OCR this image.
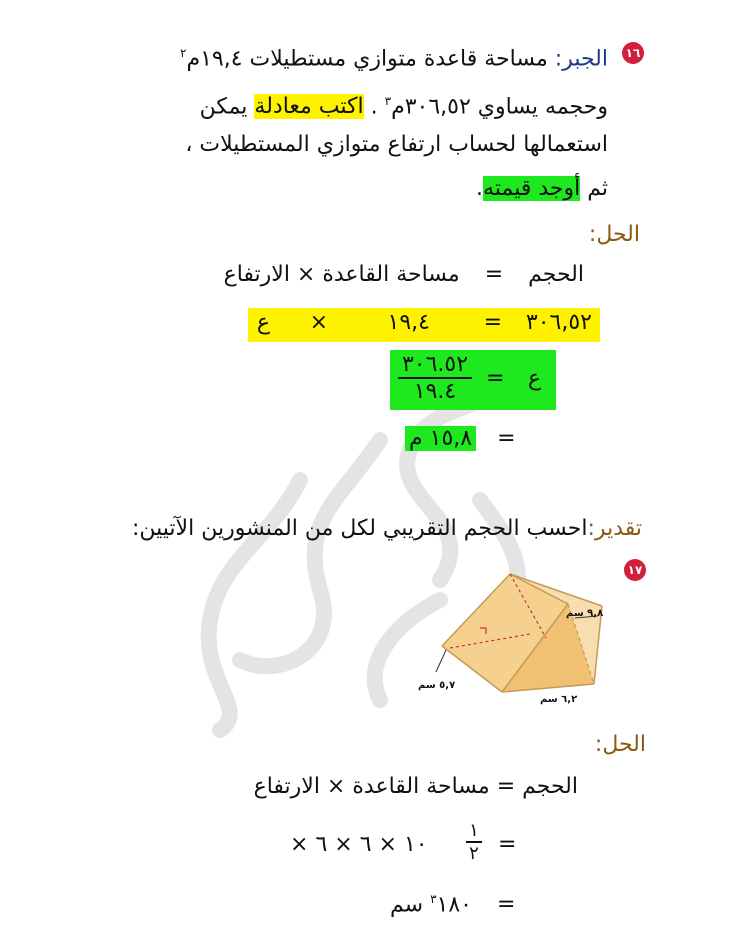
١٦
الجبر: مساحة قاعدة متوازي مستطيلات ١٩,٤م$^٢$
وحجمه يساوي ٣٠٦,٥٢م$^٣$ . اكتب معادلة يمكن
استعمالها لحساب ارتفاع متوازي المستطيلات ،
ثم أوجد قيمته.
الحل:
الحجم = مساحة القاعدة × الارتفاع
٣٠٦,٥٢
=
١٩,٤
×
ع
ع
=
٣٠٦.٥٢
١٩.٤
١٥,٨ م =
تقدير:احسب الحجم التقريبي لكل من المنشورين الآتيين:
١٧
٩,٨ سم
٥,٧ سم
٦,٢ سم
الحل:
الحجم = مساحة القاعدة × الارتفاع
× ١٠ × ٦ × ٦
١
٢ =
$^٣$١٨٠ سم =
